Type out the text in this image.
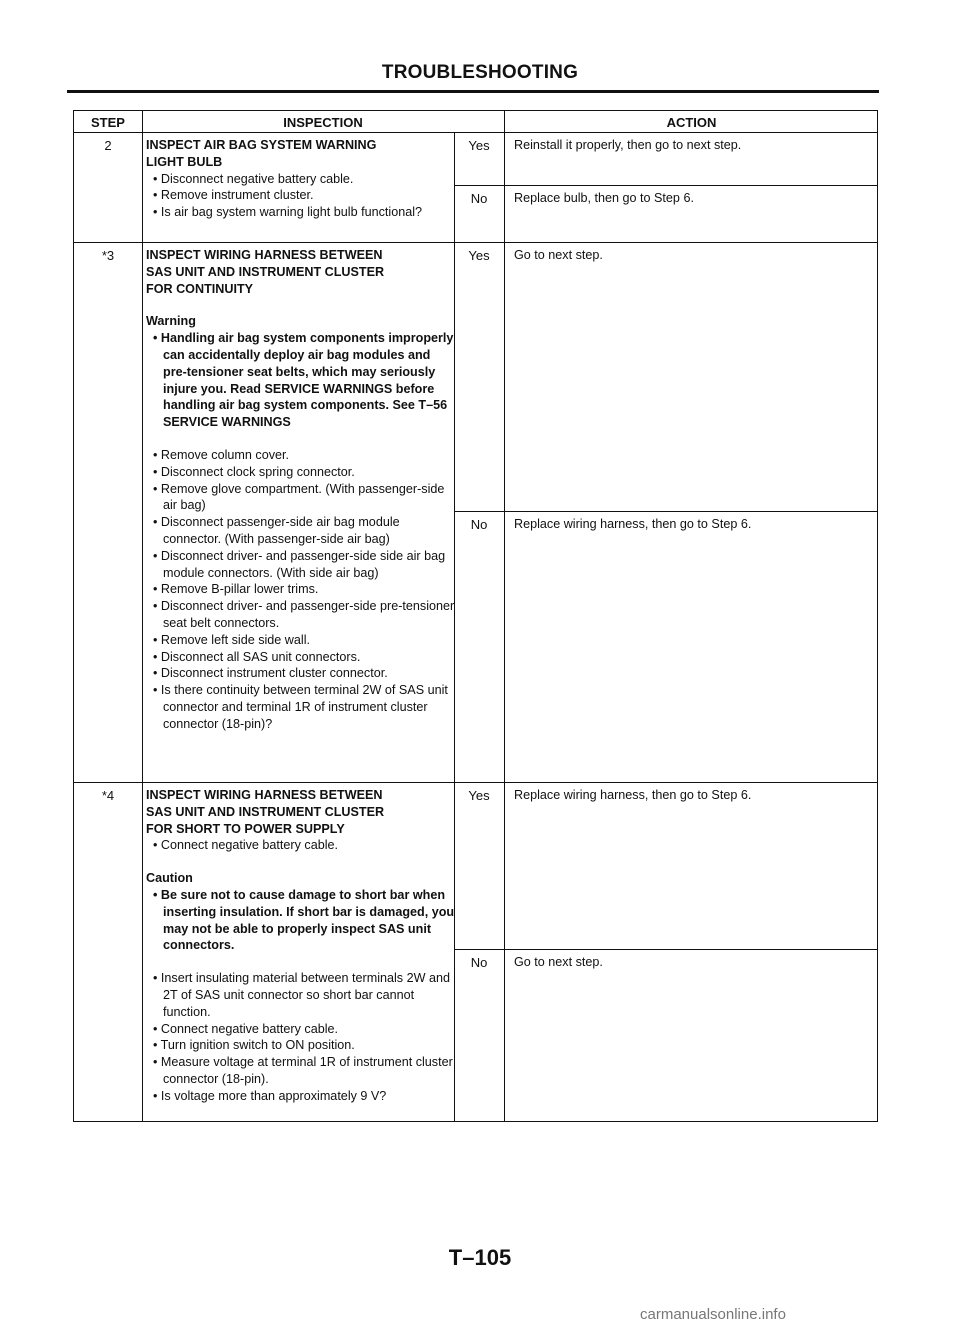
TROUBLESHOOTING
STEP	INSPECTION	ACTION
2	INSPECT AIR BAG SYSTEM WARNING
LIGHT BULB
• Disconnect negative battery cable.
• Remove instrument cluster.
• Is air bag system warning light bulb functional?
Yes	Reinstall it properly, then go to next step.
No	Replace bulb, then go to Step 6.
*3	INSPECT WIRING HARNESS BETWEEN
SAS UNIT AND INSTRUMENT CLUSTER
FOR CONTINUITY
Warning
• Handling air bag system components improperly can accidentally deploy air bag modules and pre-tensioner seat belts, which may seriously injure you. Read SERVICE WARNINGS before handling air bag system components. See T–56 SERVICE WARNINGS
• Remove column cover.
• Disconnect clock spring connector.
• Remove glove compartment. (With passenger-side air bag)
• Disconnect passenger-side air bag module connector. (With passenger-side air bag)
• Disconnect driver- and passenger-side side air bag module connectors. (With side air bag)
• Remove B-pillar lower trims.
• Disconnect driver- and passenger-side pre-tensioner seat belt connectors.
• Remove left side side wall.
• Disconnect all SAS unit connectors.
• Disconnect instrument cluster connector.
• Is there continuity between terminal 2W of SAS unit connector and terminal 1R of instrument cluster connector (18-pin)?
Yes	Go to next step.
No	Replace wiring harness, then go to Step 6.
*4	INSPECT WIRING HARNESS BETWEEN
SAS UNIT AND INSTRUMENT CLUSTER
FOR SHORT TO POWER SUPPLY
• Connect negative battery cable.
Caution
• Be sure not to cause damage to short bar when inserting insulation. If short bar is damaged, you may not be able to properly inspect SAS unit connectors.
• Insert insulating material between terminals 2W and 2T of SAS unit connector so short bar cannot function.
• Connect negative battery cable.
• Turn ignition switch to ON position.
• Measure voltage at terminal 1R of instrument cluster connector (18-pin).
• Is voltage more than approximately 9 V?
Yes	Replace wiring harness, then go to Step 6.
No	Go to next step.
T–105
carmanualsonline.info
